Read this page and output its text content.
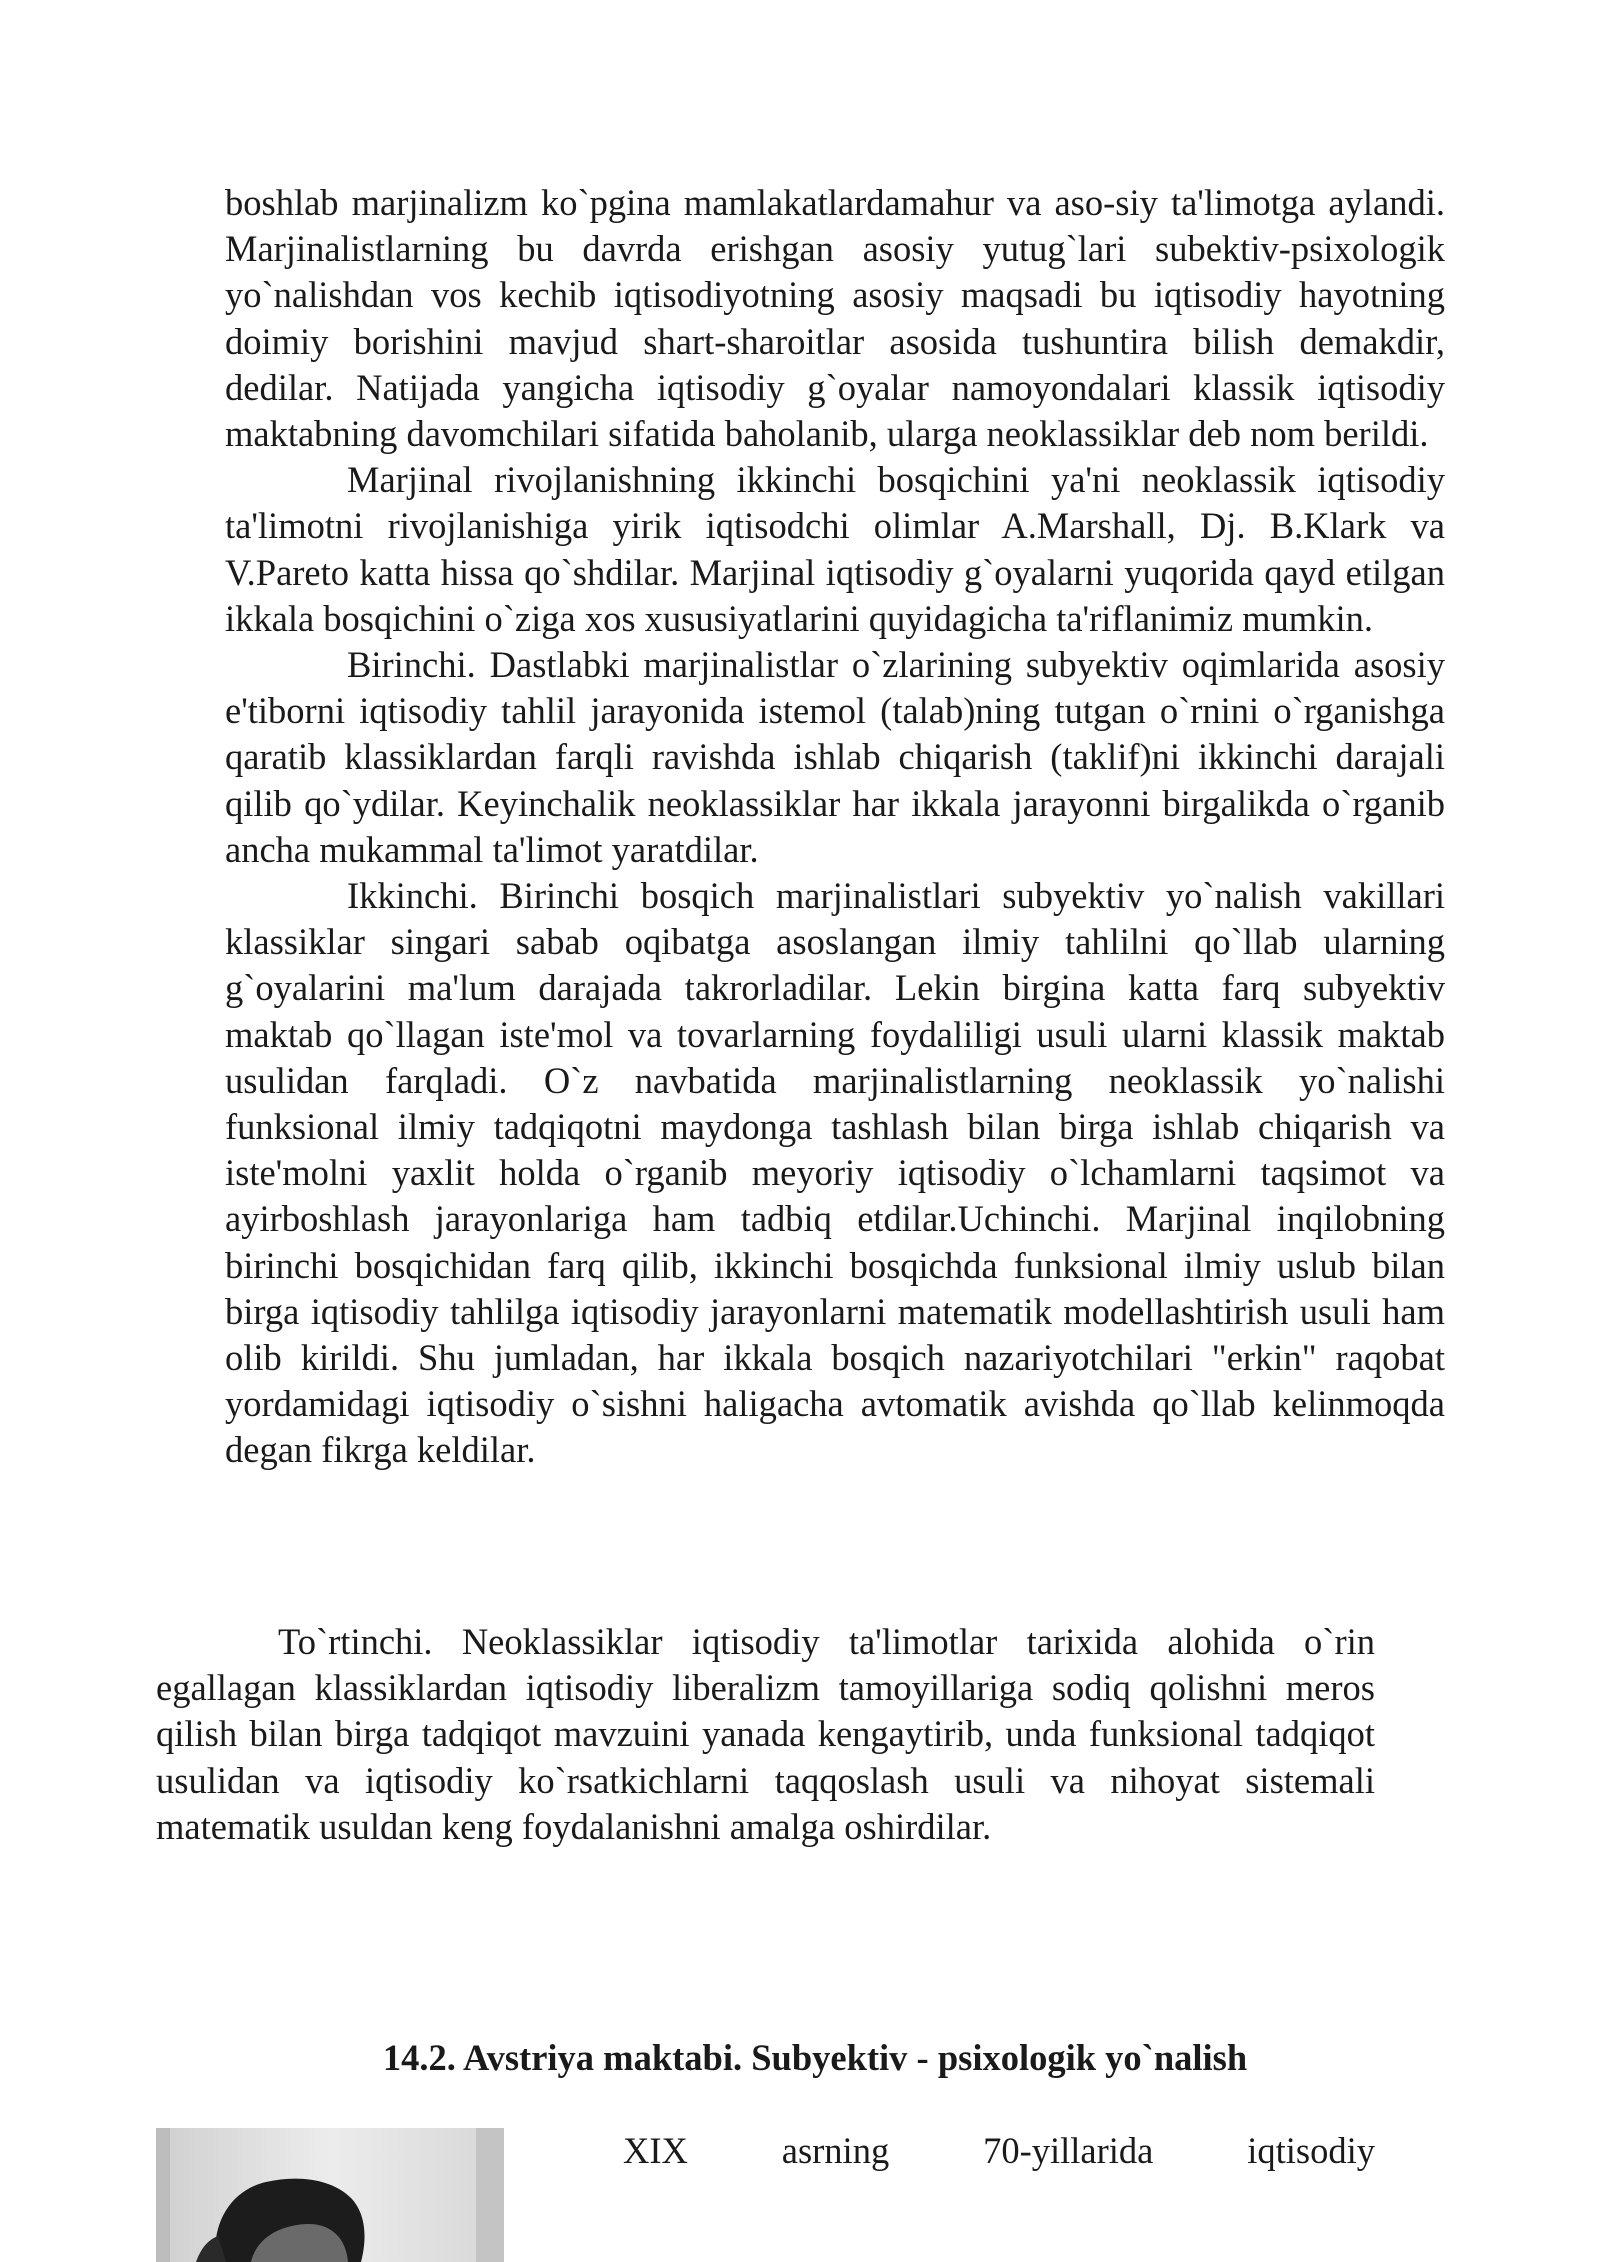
boshlab marjinalizm ko`pgina mamlakatlardamahur va aso-siy ta'limotga aylandi. Marjinalistlarning bu davrda erishgan asosiy yutug`lari subektiv-psixologik yo`nalishdan vos kechib iqtisodiyotning asosiy maqsadi bu iqtisodiy hayotning doimiy borishini mavjud shart-sharoitlar asosida tushuntira bilish demakdir, dedilar. Natijada yangicha iqtisodiy g`oyalar namoyondalari klassik iqtisodiy maktabning davomchilari sifatida baholanib, ularga neoklassiklar deb nom berildi.

Marjinal rivojlanishning ikkinchi bosqichini ya'ni neoklassik iqtisodiy ta'limotni rivojlanishiga yirik iqtisodchi olimlar A.Marshall, Dj. B.Klark va V.Pareto katta hissa qo`shdilar. Marjinal iqtisodiy g`oyalarni yuqorida qayd etilgan ikkala bosqichini o`ziga xos xususiyatlarini quyidagicha ta'riflanimiz mumkin.

Birinchi. Dastlabki marjinalistlar o`zlarining subyektiv oqimlarida asosiy e'tiborni iqtisodiy tahlil jarayonida istemol (talab)ning tutgan o`rnini o`rganishga qaratib klassiklardan farqli ravishda ishlab chiqarish (taklif)ni ikkinchi darajali qilib qo`ydilar. Keyinchalik neoklassiklar har ikkala jarayonni birgalikda o`rganib ancha mukammal ta'limot yaratdilar.

Ikkinchi. Birinchi bosqich marjinalistlari subyektiv yo`nalish vakillari klassiklar singari sabab oqibatga asoslangan ilmiy tahlilni qo`llab ularning g`oyalarini ma'lum darajada takrorladilar. Lekin birgina katta farq subyektiv maktab qo`llagan iste'mol va tovarlarning foydaliligi usuli ularni klassik maktab usulidan farqladi. O`z navbatida marjinalistlarning neoklassik yo`nalishi funksional ilmiy tadqiqotni maydonga tashlash bilan birga ishlab chiqarish va iste'molni yaxlit holda o`rganib meyoriy iqtisodiy o`lchamlarni taqsimot va ayirboshlash jarayonlariga ham tadbiq etdilar.Uchinchi. Marjinal inqilobning birinchi bosqichidan farq qilib, ikkinchi bosqichda funksional ilmiy uslub bilan birga iqtisodiy tahlilga iqtisodiy jarayonlarni matematik modellashtirish usuli ham olib kirildi. Shu jumladan, har ikkala bosqich nazariyotchilari "erkin" raqobat yordamidagi iqtisodiy o`sishni haligacha avtomatik avishda qo`llab kelinmoqda degan fikrga keldilar.

To`rtinchi. Neoklassiklar iqtisodiy ta'limotlar tarixida alohida o`rin egallagan klassiklardan iqtisodiy liberalizm tamoyillariga sodiq qolishni meros qilish bilan birga tadqiqot mavzuini yanada kengaytirib, unda funksional tadqiqot usulidan va iqtisodiy ko`rsatkichlarni taqqoslash usuli va nihoyat sistemali matematik usuldan keng foydalanishni amalga oshirdilar.

14.2. Avstriya maktabi. Subyektiv - psixologik yo`nalish

XIX asrning 70-yillarida iqtisodiy
